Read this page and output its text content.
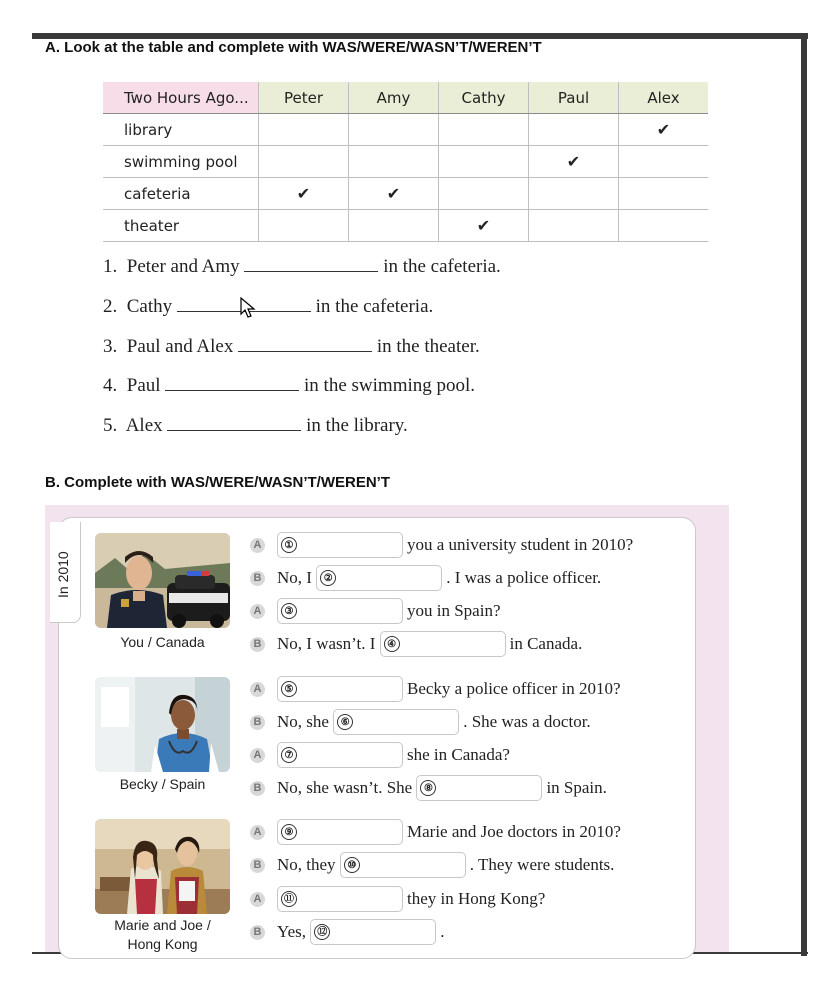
A. Look at the table and complete with WAS/WERE/WASN’T/WEREN’T
Two Hours Ago...	Peter	Amy	Cathy	Paul	Alex
library					✔
swimming pool				✔	
cafeteria	✔	✔			
theater			✔		
1. Peter and Amy	in the cafeteria.
2. Cathy	in the cafeteria.
3. Paul and Alex	in the theater.
4. Paul	in the swimming pool.
5. Alex	in the library.
B. Complete with WAS/WERE/WASN’T/WEREN’T
In 2010
You / Canada
Becky / Spain
Marie and Joe /
Hong Kong
A	①	you a university student in 2010?
B No, I
	②	. I was a police officer.
A	③	you in Spain?
B No, I wasn’t. I
	④	in Canada.
A	⑤	Becky a police officer in 2010?
B No, she
	⑥	. She was a doctor.
A	⑦	she in Canada?
B No, she wasn’t. She
	⑧	in Spain.
A	⑨	Marie and Joe doctors in 2010?
B No, they
	⑩	. They were students.
A	⑪	they in Hong Kong?
B Yes,
	⑫	.
